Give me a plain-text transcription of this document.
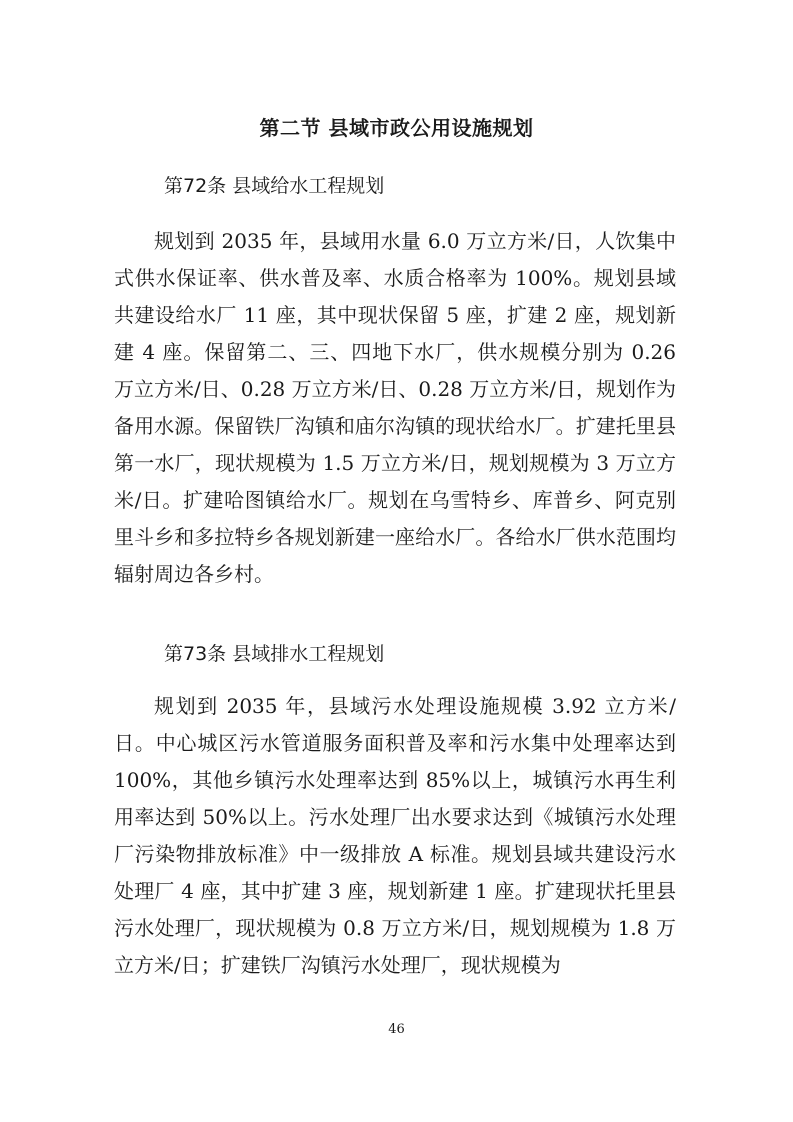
第二节 县域市政公用设施规划
第72条 县域给水工程规划

规划到 2035 年，县域用水量 6.0 万立方米/日，人饮集中式供水保证率、供水普及率、水质合格率为 100%。规划县域共建设给水厂 11 座，其中现状保留 5 座，扩建 2 座，规划新建 4 座。保留第二、三、四地下水厂，供水规模分别为 0.26 万立方米/日、0.28 万立方米/日、0.28 万立方米/日，规划作为备用水源。保留铁厂沟镇和庙尔沟镇的现状给水厂。扩建托里县第一水厂，现状规模为 1.5 万立方米/日，规划规模为 3 万立方米/日。扩建哈图镇给水厂。规划在乌雪特乡、库普乡、阿克别里斗乡和多拉特乡各规划新建一座给水厂。各给水厂供水范围均辐射周边各乡村。

第73条 县域排水工程规划

规划到 2035 年，县域污水处理设施规模 3.92 立方米/日。中心城区污水管道服务面积普及率和污水集中处理率达到 100%，其他乡镇污水处理率达到 85%以上，城镇污水再生利用率达到 50%以上。污水处理厂出水要求达到《城镇污水处理厂污染物排放标准》中一级排放 A 标准。规划县域共建设污水处理厂 4 座，其中扩建 3 座，规划新建 1 座。扩建现状托里县污水处理厂，现状规模为 0.8 万立方米/日，规划规模为 1.8 万立方米/日；扩建铁厂沟镇污水处理厂，现状规模为

46
